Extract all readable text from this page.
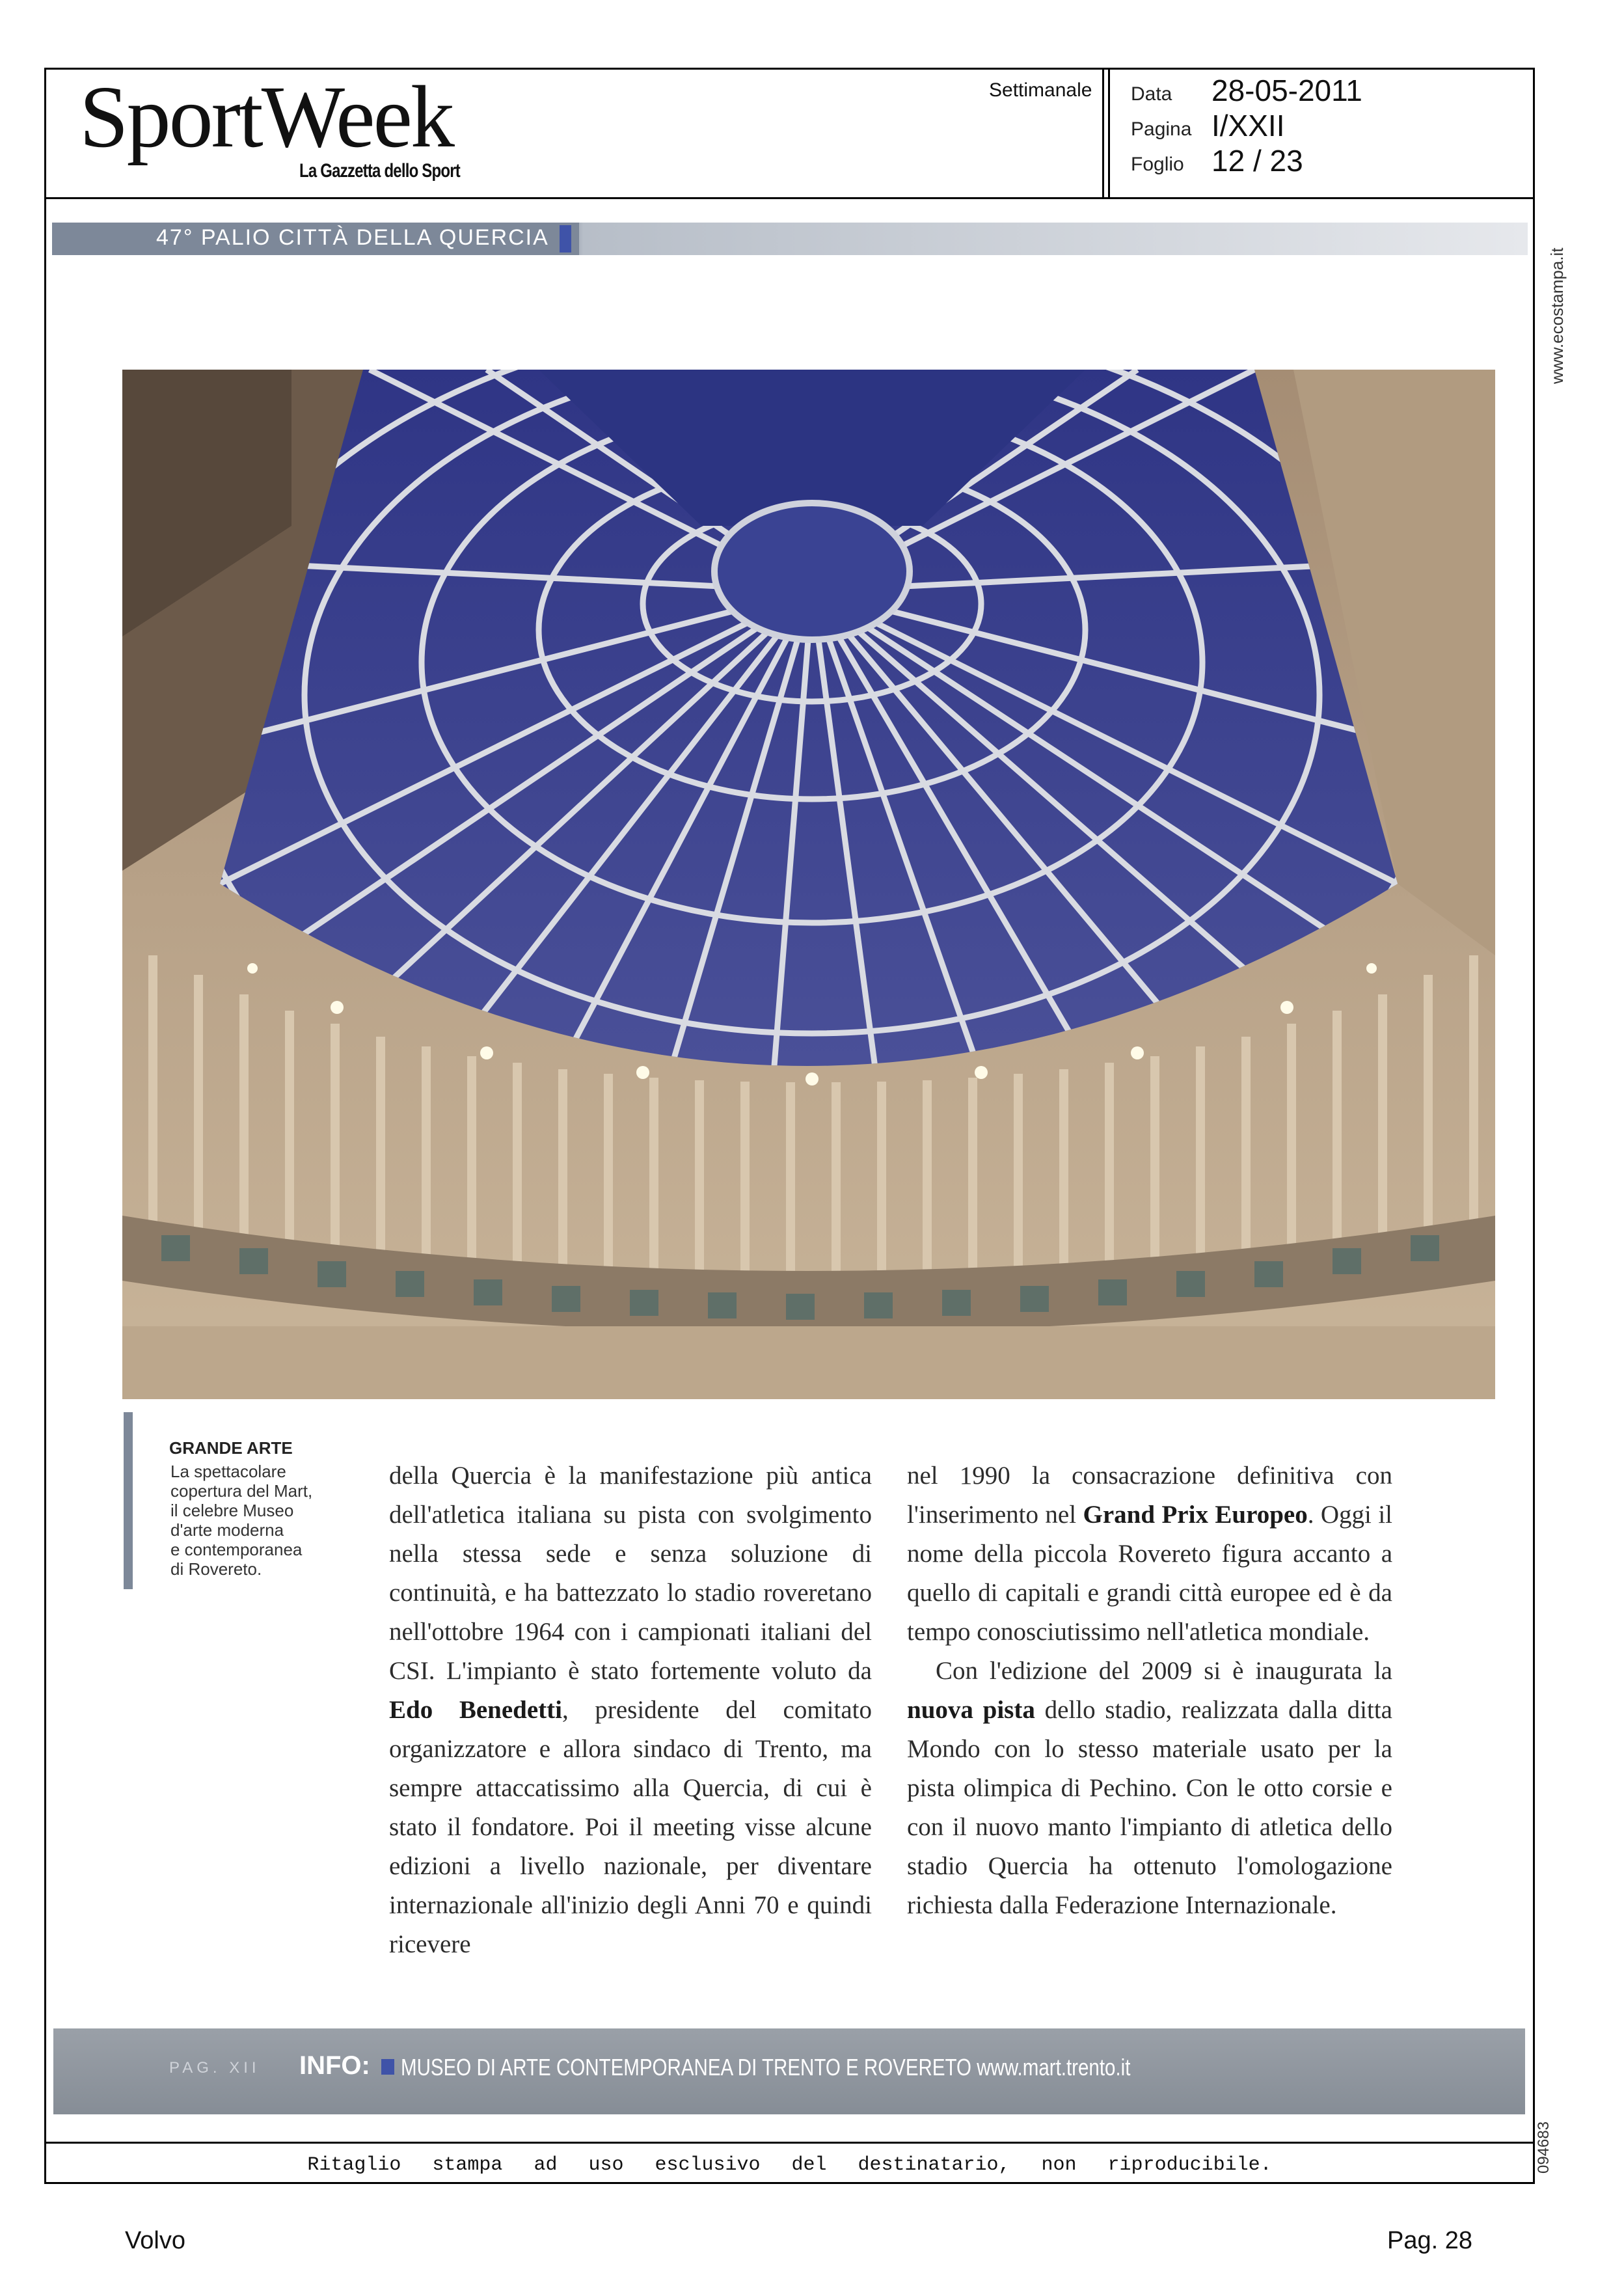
SportWeek
La Gazzetta dello Sport
Settimanale Data 28-05-2011
Pagina I/XXII
Foglio 12 / 23
47° PALIO CITTÀ DELLA QUERCIA
www.ecostampa.it
GRANDE ARTE
La spettacolare
copertura del Mart,
il celebre Museo
d'arte moderna
e contemporanea
di Rovereto.

della Quercia è la manifestazione più antica dell'atletica italiana su pista con svolgimento nella stessa sede e senza soluzione di continuità, e ha battezzato lo stadio roveretano nell'ottobre 1964 con i campionati italiani del CSI. L'impianto è stato fortemente voluto da Edo Benedetti, presidente del comitato organizzatore e allora sindaco di Trento, ma sempre attaccatissimo alla Quercia, di cui è stato il fondatore. Poi il meeting visse alcune edizioni a livello nazionale, per diventare internazionale all'inizio degli Anni 70 e quindi ricevere

nel 1990 la consacrazione definitiva con l'inserimento nel Grand Prix Europeo. Oggi il nome della piccola Rovereto figura accanto a quello di capitali e grandi città europee ed è da tempo conosciutissimo nell'atletica mondiale.

Con l'edizione del 2009 si è inaugurata la nuova pista dello stadio, realizzata dalla ditta Mondo con lo stesso materiale usato per la pista olimpica di Pechino. Con le otto corsie e con il nuovo manto l'impianto di atletica dello stadio Quercia ha ottenuto l'omologazione richiesta dalla Federazione Internazionale.

PAG. XII INFO: MUSEO DI ARTE CONTEMPORANEA DI TRENTO E ROVERETO www.mart.trento.it
094683
Ritaglio stampa ad uso esclusivo del destinatario, non riproducibile.
Volvo	Pag. 28
